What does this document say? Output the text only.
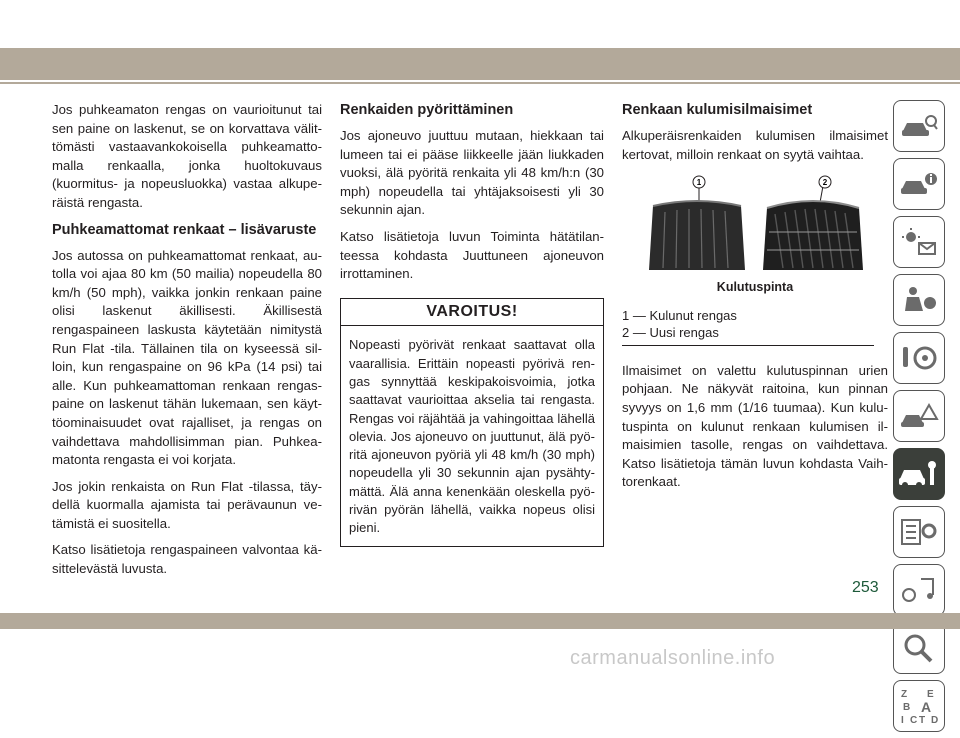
Jos puhkeamaton rengas on vaurioitunut tai sen paine on laskenut, se on korvattava välit-tömästi vastaavankokoisella puhkeamatto-malla renkaalla, jonka huoltokuvaus (kuormitus- ja nopeusluokka) vastaa alkupe-räistä rengasta.

Puhkeamattomat renkaat – lisävaruste

Jos autossa on puhkeamattomat renkaat, au-tolla voi ajaa 80 km (50 mailia) nopeudella 80 km/h (50 mph), vaikka jonkin renkaan paine olisi laskenut äkillisesti. Äkillisestä rengaspaineen laskusta käytetään nimitystä Run Flat -tila. Tällainen tila on kyseessä sil-loin, kun rengaspaine on 96 kPa (14 psi) tai alle. Kun puhkeamattoman renkaan rengas-paine on laskenut tähän lukemaan, sen käyt-töominaisuudet ovat rajalliset, ja rengas on vaihdettava mahdollisimman pian. Puhkea-matonta rengasta ei voi korjata.

Jos jokin renkaista on Run Flat -tilassa, täy-dellä kuormalla ajamista tai perävaunun ve-tämistä ei suositella.

Katso lisätietoja rengaspaineen valvontaa kä-sittelevästä luvusta.

Renkaiden pyörittäminen

Jos ajoneuvo juuttuu mutaan, hiekkaan tai lumeen tai ei pääse liikkeelle jään liukkaden vuoksi, älä pyöritä renkaita yli 48 km/h:n (30 mph) nopeudella tai yhtäjaksoisesti yli 30 sekunnin ajan.

Katso lisätietoja luvun Toiminta hätätilan-teessa kohdasta Juuttuneen ajoneuvon irrottaminen.

VAROITUS!
Nopeasti pyörivät renkaat saattavat olla vaarallisia. Erittäin nopeasti pyörivä ren-gas synnyttää keskipakoisvoimia, jotka saattavat vaurioittaa akselia tai rengasta. Rengas voi räjähtää ja vahingoittaa lähellä olevia. Jos ajoneuvo on juuttunut, älä pyö-ritä ajoneuvon pyöriä yli 48 km/h (30 mph) nopeudella yli 30 sekunnin ajan pysähty-mättä. Älä anna kenenkään oleskella pyö-rivän pyörän lähellä, vaikka nopeus olisi pieni.
Renkaan kulumisilmaisimet

Alkuperäisrenkaiden kulumisen ilmaisimet kertovat, milloin renkaat on syytä vaihtaa.

1	2
Kulutuspinta
1 — Kulunut rengas
2 — Uusi rengas

Ilmaisimet on valettu kulutuspinnan urien pohjaan. Ne näkyvät raitoina, kun pinnan syvyys on 1,6 mm (1/16 tuumaa). Kun kulu-tuspinta on kulunut renkaan kulumisen il-maisimien tasolle, rengas on vaihdettava. Katso lisätietoja tämän luvun kohdasta Vaih-torenkaat.

Z E
B A
I C T D
253
carmanualsonline.info
